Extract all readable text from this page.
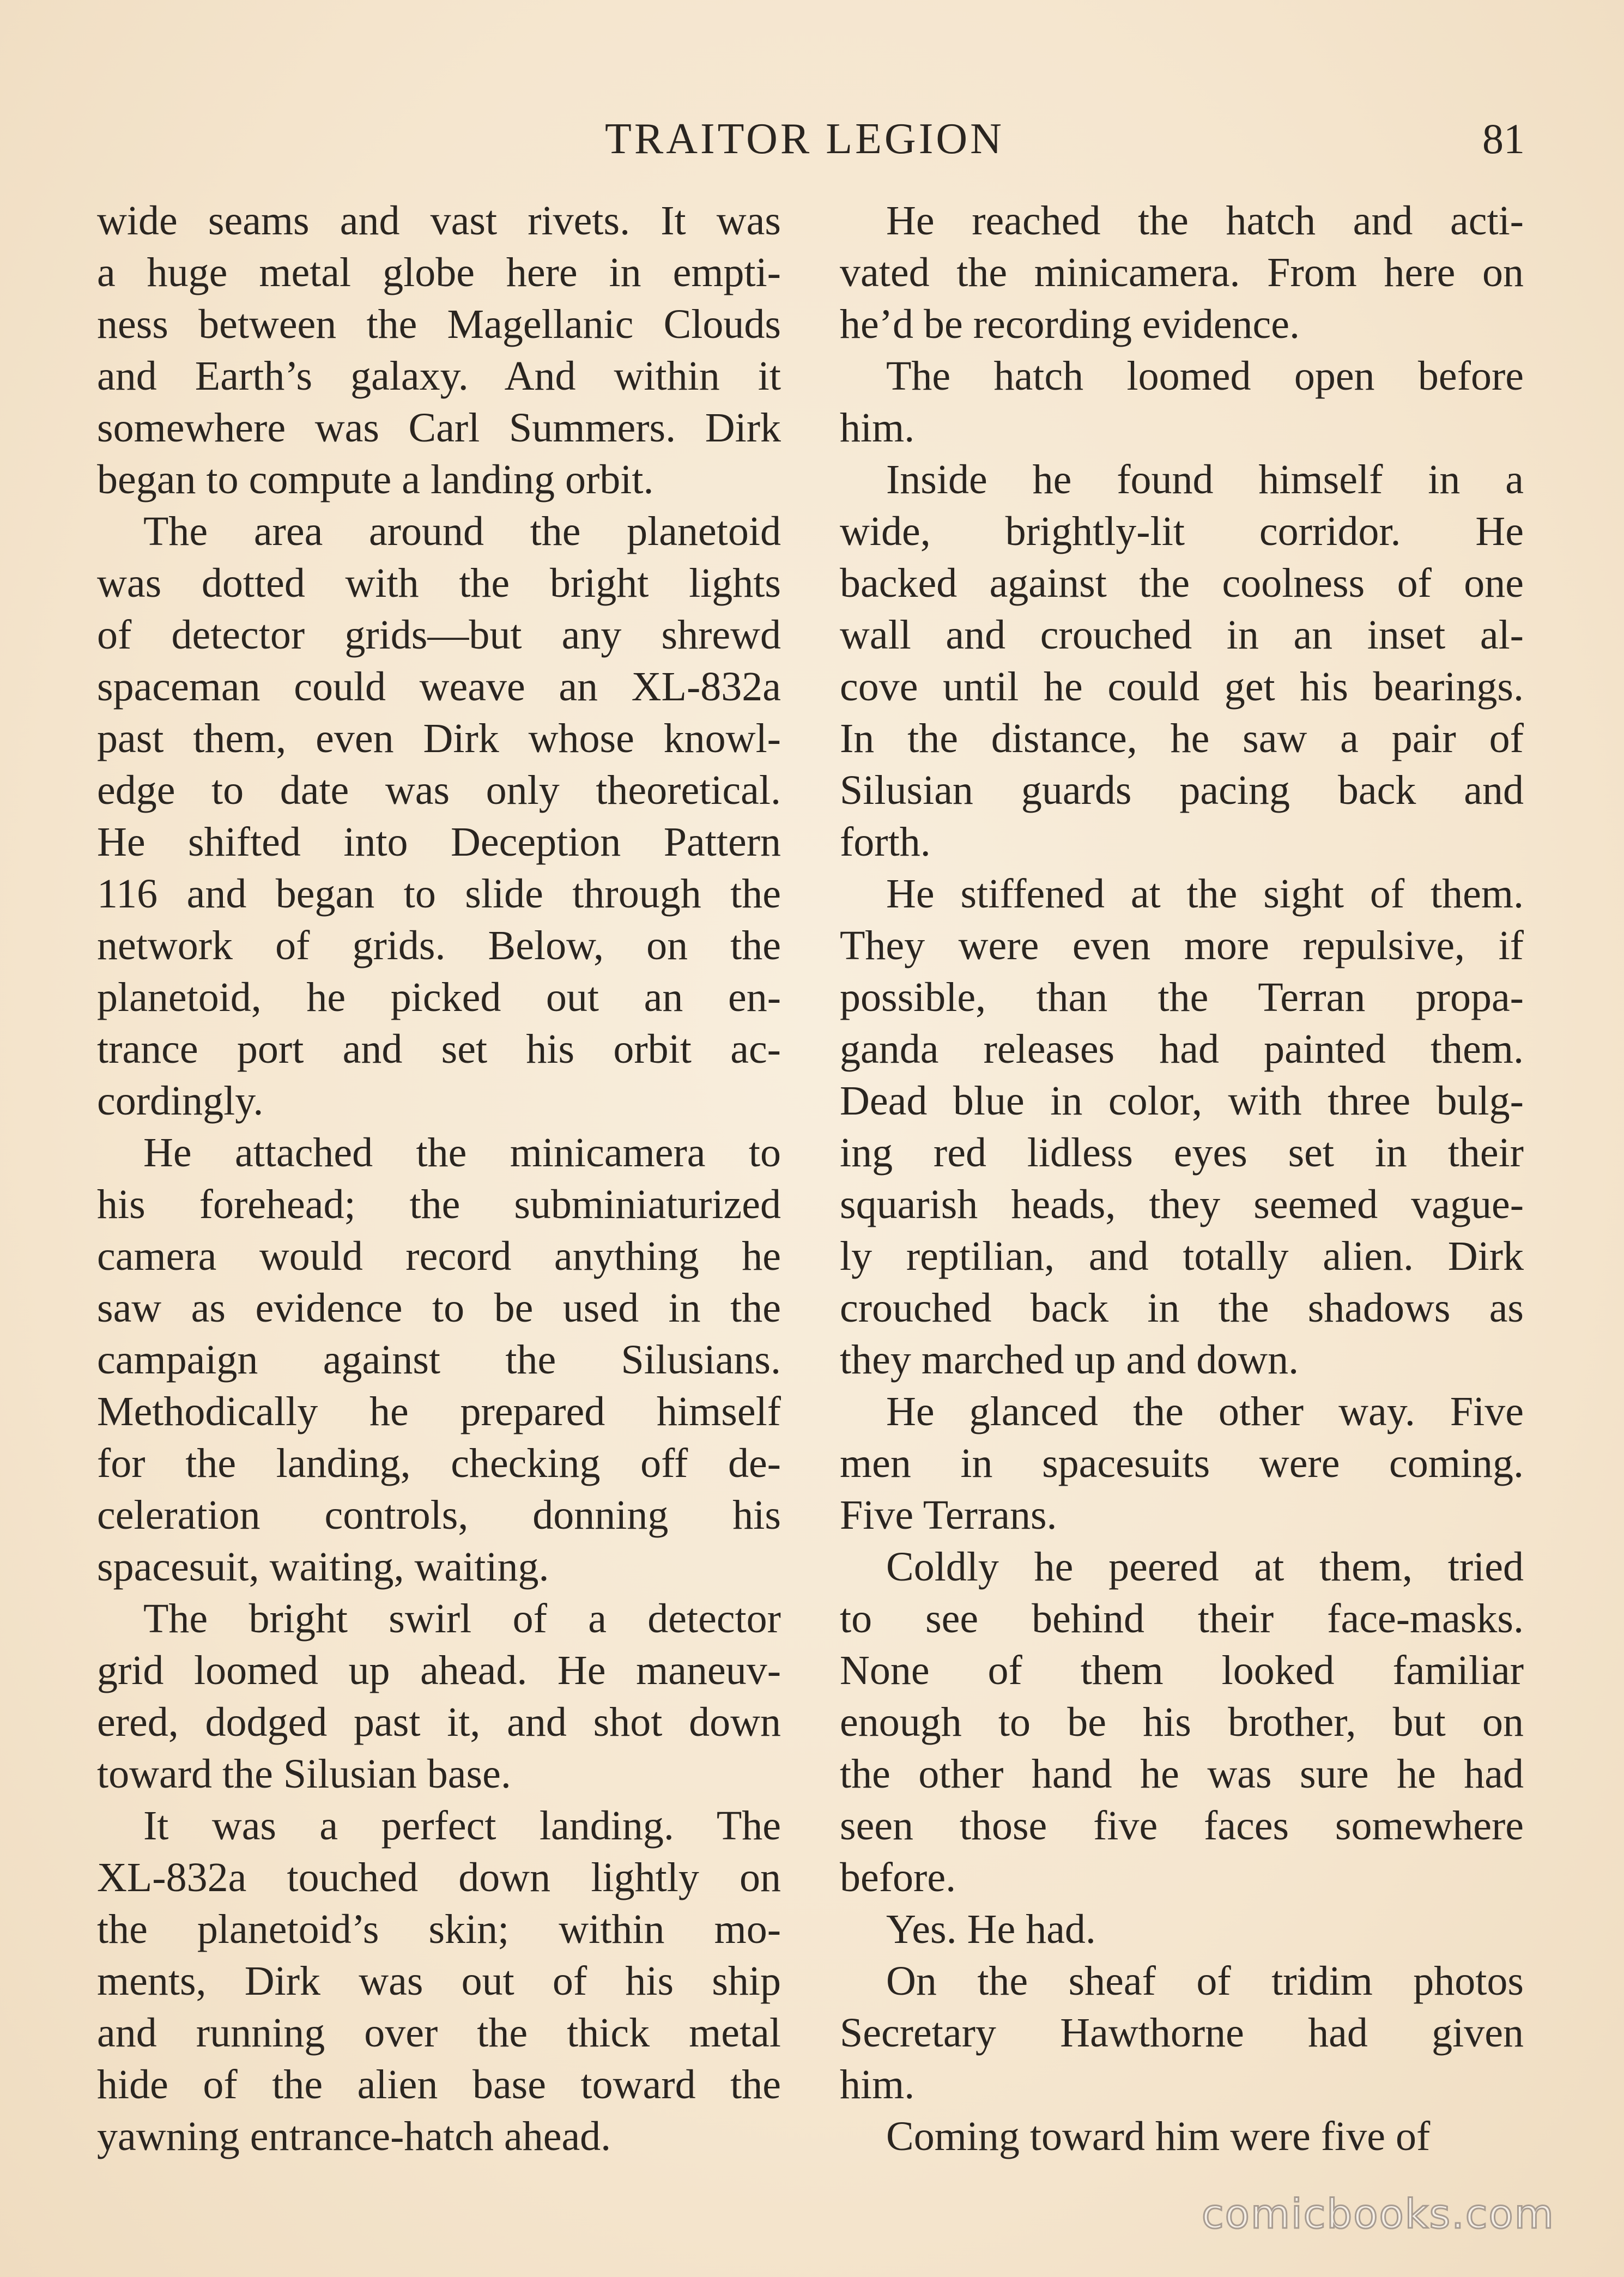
TRAITOR LEGION	81
wide seams and vast rivets. It was
a huge metal globe here in empti-
ness between the Magellanic Clouds
and Earth’s galaxy. And within it
somewhere was Carl Summers. Dirk
began to compute a landing orbit.
The area around the planetoid
was dotted with the bright lights
of detector grids—but any shrewd
spaceman could weave an XL-832a
past them, even Dirk whose knowl-
edge to date was only theoretical.
He shifted into Deception Pattern
116 and began to slide through the
network of grids. Below, on the
planetoid, he picked out an en-
trance port and set his orbit ac-
cordingly.
He attached the minicamera to
his forehead; the subminiaturized
camera would record anything he
saw as evidence to be used in the
campaign against the Silusians.
Methodically he prepared himself
for the landing, checking off de-
celeration controls, donning his
spacesuit, waiting, waiting.
The bright swirl of a detector
grid loomed up ahead. He maneuv-
ered, dodged past it, and shot down
toward the Silusian base.
It was a perfect landing. The
XL-832a touched down lightly on
the planetoid’s skin; within mo-
ments, Dirk was out of his ship
and running over the thick metal
hide of the alien base toward the
yawning entrance-hatch ahead.
He reached the hatch and acti-
vated the minicamera. From here on
he’d be recording evidence.
The hatch loomed open before
him.
Inside he found himself in a
wide, brightly-lit corridor. He
backed against the coolness of one
wall and crouched in an inset al-
cove until he could get his bearings.
In the distance, he saw a pair of
Silusian guards pacing back and
forth.
He stiffened at the sight of them.
They were even more repulsive, if
possible, than the Terran propa-
ganda releases had painted them.
Dead blue in color, with three bulg-
ing red lidless eyes set in their
squarish heads, they seemed vague-
ly reptilian, and totally alien. Dirk
crouched back in the shadows as
they marched up and down.
He glanced the other way. Five
men in spacesuits were coming.
Five Terrans.
Coldly he peered at them, tried
to see behind their face-masks.
None of them looked familiar
enough to be his brother, but on
the other hand he was sure he had
seen those five faces somewhere
before.
Yes. He had.
On the sheaf of tridim photos
Secretary Hawthorne had given
him.
Coming toward him were five of
comicbooks.com
